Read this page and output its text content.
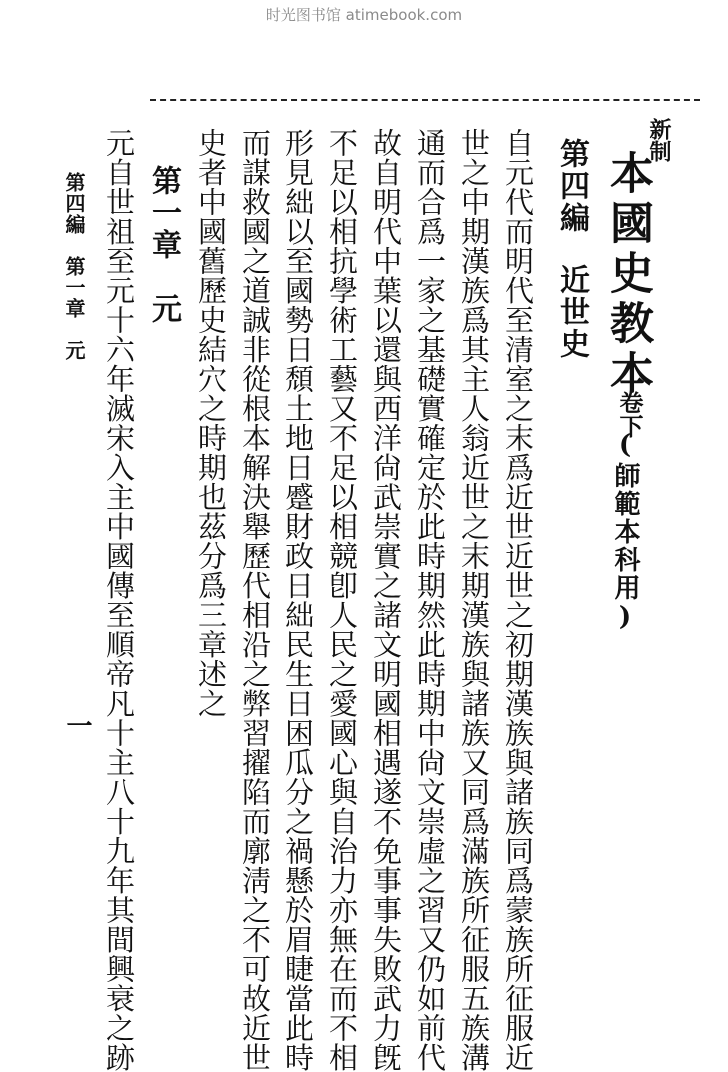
时光图书馆 atimebook.com
新制
本國史教本
卷下
(師範本科用)
第四編近世史
自元代而明代至清室之末爲近世近世之初期漢族與諸族同爲蒙族所征服近
世之中期漢族爲其主人翁近世之末期漢族與諸族又同爲滿族所征服五族溝
通而合爲一家之基礎實確定於此時期然此時期中尙文崇虛之習又仍如前代
故自明代中葉以還與西洋尙武崇實之諸文明國相遇遂不免事事失敗武力旣
不足以相抗學術工藝又不足以相競卽人民之愛國心與自治力亦無在而不相
形見絀以至國勢日頹土地日蹙財政日絀民生日困瓜分之禍懸於眉睫當此時
而謀救國之道誠非從根本解決舉歷代相沿之弊習擢陷而廓淸之不可故近世
史者中國舊歷史結穴之時期也茲分爲三章述之
第一章　元
元自世祖至元十六年滅宋入主中國傳至順帝凡十主八十九年其間興衰之跡
第四編　第一章　元
一
